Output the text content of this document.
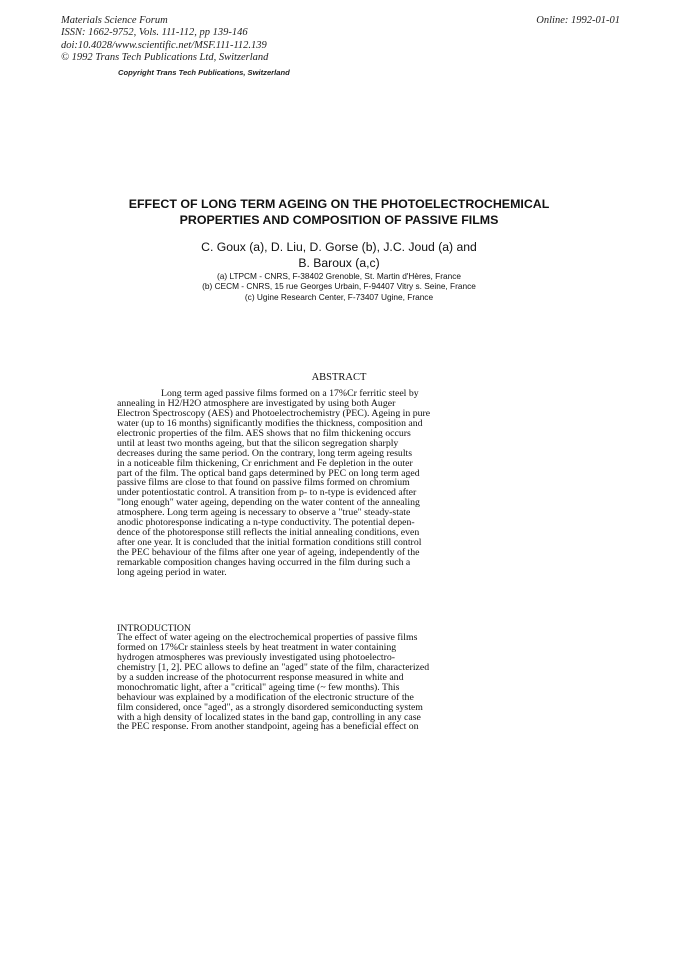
Materials Science Forum
ISSN: 1662-9752, Vols. 111-112, pp 139-146
doi:10.4028/www.scientific.net/MSF.111-112.139
© 1992 Trans Tech Publications Ltd, Switzerland
Online: 1992-01-01
Copyright Trans Tech Publications, Switzerland
EFFECT OF LONG TERM AGEING ON THE PHOTOELECTROCHEMICAL
PROPERTIES AND COMPOSITION OF PASSIVE FILMS
C. Goux (a), D. Liu, D. Gorse (b), J.C. Joud (a) and
B. Baroux (a,c)
(a) LTPCM - CNRS, F-38402 Grenoble, St. Martin d'Hères, France
(b) CECM - CNRS, 15 rue Georges Urbain, F-94407 Vitry s. Seine, France
(c) Ugine Research Center, F-73407 Ugine, France
ABSTRACT
Long term aged passive films formed on a 17%Cr ferritic steel by
annealing in H2/H2O atmosphere are investigated by using both Auger
Electron Spectroscopy (AES) and Photoelectrochemistry (PEC). Ageing in pure
water (up to 16 months) significantly modifies the thickness, composition and
electronic properties of the film. AES shows that no film thickening occurs
until at least two months ageing, but that the silicon segregation sharply
decreases during the same period. On the contrary, long term ageing results
in a noticeable film thickening, Cr enrichment and Fe depletion in the outer
part of the film. The optical band gaps determined by PEC on long term aged
passive films are close to that found on passive films formed on chromium
under potentiostatic control. A transition from p- to n-type is evidenced after
"long enough" water ageing, depending on the water content of the annealing
atmosphere. Long term ageing is necessary to observe a "true" steady-state
anodic photoresponse indicating a n-type conductivity. The potential depen-
dence of the photoresponse still reflects the initial annealing conditions, even
after one year. It is concluded that the initial formation conditions still control
the PEC behaviour of the films after one year of ageing, independently of the
remarkable composition changes having occurred in the film during such a
long ageing period in water.
INTRODUCTION
The effect of water ageing on the electrochemical properties of passive films
formed on 17%Cr stainless steels by heat treatment in water containing
hydrogen atmospheres was previously investigated using photoelectro-
chemistry [1, 2]. PEC allows to define an "aged" state of the film, characterized
by a sudden increase of the photocurrent response measured in white and
monochromatic light, after a "critical" ageing time (~ few months). This
behaviour was explained by a modification of the electronic structure of the
film considered, once "aged", as a strongly disordered semiconducting system
with a high density of localized states in the band gap, controlling in any case
the PEC response. From another standpoint, ageing has a beneficial effect on
